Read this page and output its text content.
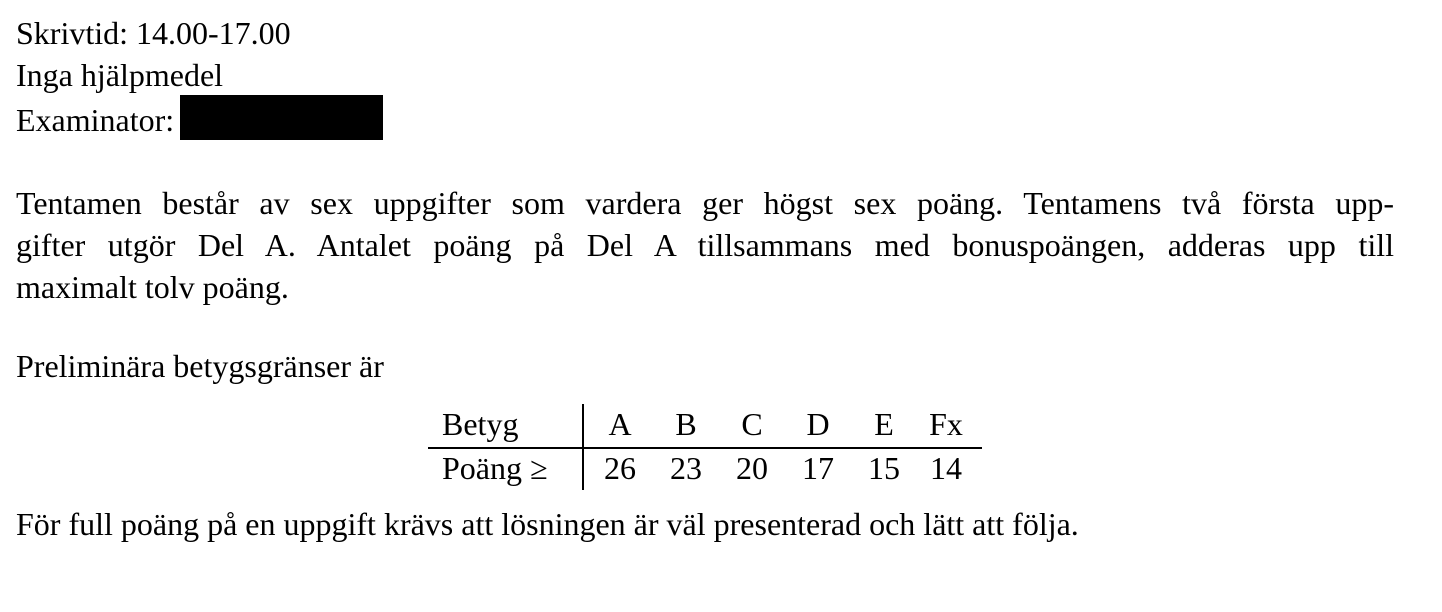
Skrivtid: 14.00-17.00
Inga hjälpmedel
Examinator:
Tentamen består av sex uppgifter som vardera ger högst sex poäng. Tentamens två första upp-
gifter utgör Del A. Antalet poäng på Del A tillsammans med bonuspoängen, adderas upp till
maximalt tolv poäng.
Preliminära betygsgränser är
Betyg	A	B	C	D	E	Fx
Poäng ≥ 26 23 20 17 15 14
För full poäng på en uppgift krävs att lösningen är väl presenterad och lätt att följa.
